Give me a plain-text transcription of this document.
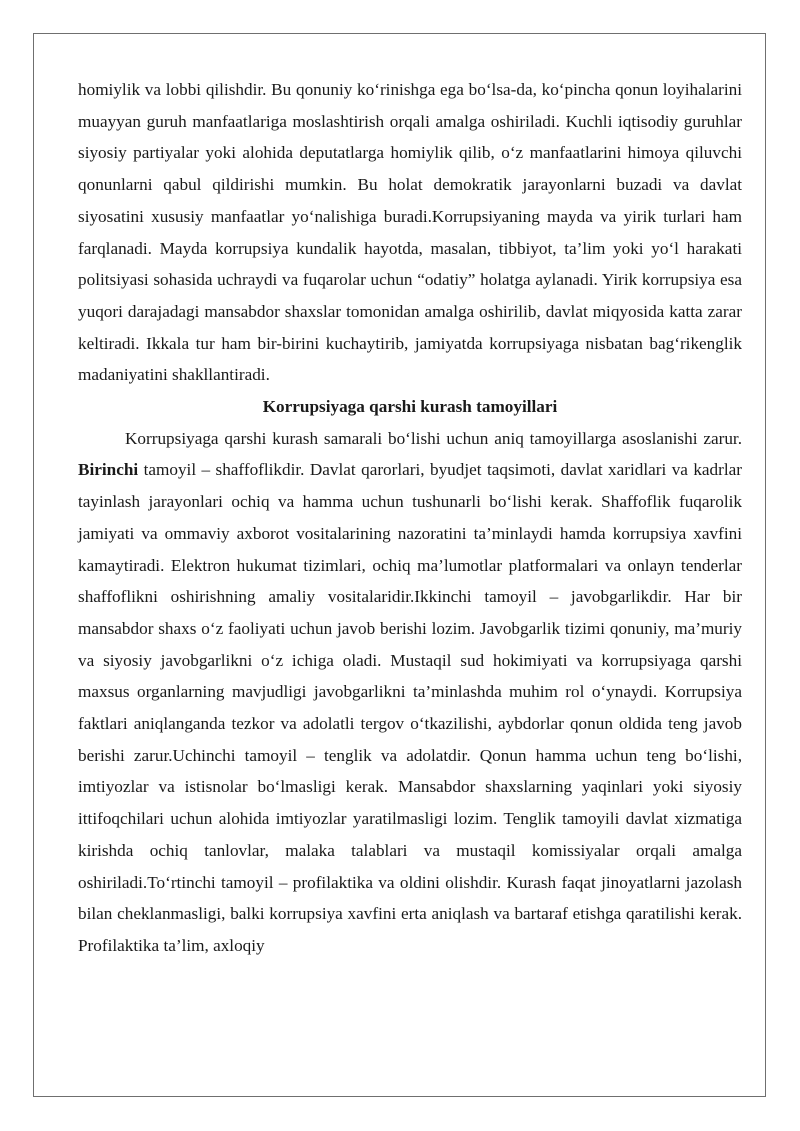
homiylik va lobbi qilishdir. Bu qonuniy ko‘rinishga ega bo‘lsa-da, ko‘pincha qonun loyihalarini muayyan guruh manfaatlariga moslashtirish orqali amalga oshiriladi. Kuchli iqtisodiy guruhlar siyosiy partiyalar yoki alohida deputatlarga homiylik qilib, o‘z manfaatlarini himoya qiluvchi qonunlarni qabul qildirishi mumkin. Bu holat demokratik jarayonlarni buzadi va davlat siyosatini xususiy manfaatlar yo‘nalishiga buradi.Korrupsiyaning mayda va yirik turlari ham farqlanadi. Mayda korrupsiya kundalik hayotda, masalan, tibbiyot, ta’lim yoki yo‘l harakati politsiyasi sohasida uchraydi va fuqarolar uchun “odatiy” holatga aylanadi. Yirik korrupsiya esa yuqori darajadagi mansabdor shaxslar tomonidan amalga oshirilib, davlat miqyosida katta zarar keltiradi. Ikkala tur ham bir-birini kuchaytirib, jamiyatda korrupsiyaga nisbatan bag‘rikenglik madaniyatini shakllantiradi.

Korrupsiyaga qarshi kurash tamoyillari

Korrupsiyaga qarshi kurash samarali bo‘lishi uchun aniq tamoyillarga asoslanishi zarur. Birinchi tamoyil – shaffoflikdir. Davlat qarorlari, byudjet taqsimoti, davlat xaridlari va kadrlar tayinlash jarayonlari ochiq va hamma uchun tushunarli bo‘lishi kerak. Shaffoflik fuqarolik jamiyati va ommaviy axborot vositalarining nazoratini ta’minlaydi hamda korrupsiya xavfini kamaytiradi. Elektron hukumat tizimlari, ochiq ma’lumotlar platformalari va onlayn tenderlar shaffoflikni oshirishning amaliy vositalaridir.Ikkinchi tamoyil – javobgarlikdir. Har bir mansabdor shaxs o‘z faoliyati uchun javob berishi lozim. Javobgarlik tizimi qonuniy, ma’muriy va siyosiy javobgarlikni o‘z ichiga oladi. Mustaqil sud hokimiyati va korrupsiyaga qarshi maxsus organlarning mavjudligi javobgarlikni ta’minlashda muhim rol o‘ynaydi. Korrupsiya faktlari aniqlanganda tezkor va adolatli tergov o‘tkazilishi, aybdorlar qonun oldida teng javob berishi zarur.Uchinchi tamoyil – tenglik va adolatdir. Qonun hamma uchun teng bo‘lishi, imtiyozlar va istisnolar bo‘lmasligi kerak. Mansabdor shaxslarning yaqinlari yoki siyosiy ittifoqchilari uchun alohida imtiyozlar yaratilmasligi lozim. Tenglik tamoyili davlat xizmatiga kirishda ochiq tanlovlar, malaka talablari va mustaqil komissiyalar orqali amalga oshiriladi.To‘rtinchi tamoyil – profilaktika va oldini olishdir. Kurash faqat jinoyatlarni jazolash bilan cheklanmasligi, balki korrupsiya xavfini erta aniqlash va bartaraf etishga qaratilishi kerak. Profilaktika ta’lim, axloqiy
